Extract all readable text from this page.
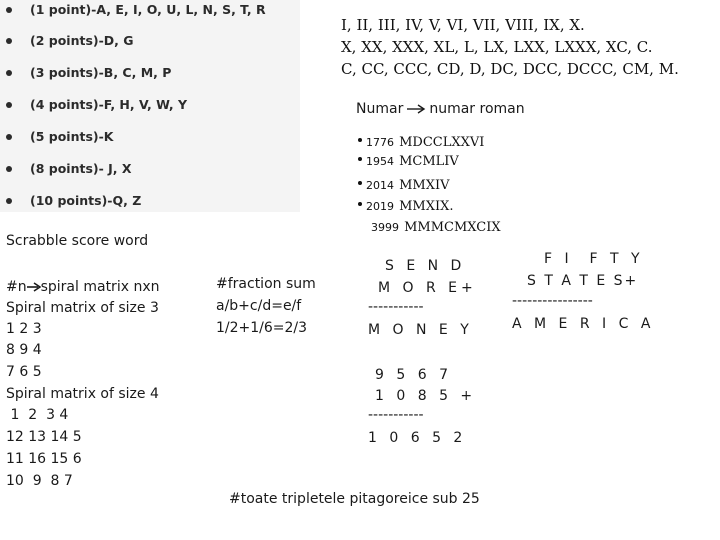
(1 point)-A, E, I, O, U, L, N, S, T, R
(2 points)-D, G
(3 points)-B, C, M, P
(4 points)-F, H, V, W, Y
(5 points)-K
(8 points)- J, X
(10 points)-Q, Z
I, II, III, IV, V, VI, VII, VIII, IX, X.
X, XX, XXX, XL, L, LX, LXX, LXXX, XC, C.
C, CC, CCC, CD, D, DC, DCC, DCCC, CM, M.
Numar numar roman
1776 MDCCLXXVI
1954 MCMLIV
2014 MMXIV
2019 MMXIX.
3999 MMMCMXCIX
Scrabble score word
#n spiral matrix nxn
Spiral matrix of size 3
1 2 3
8 9 4
7 6 5
Spiral matrix of size 4
1  2  3 4
12 13 14 5
11 16 15 6
10  9  8 7
#fraction sum
a/b+c/d=e/f
1/2+1/6=2/3
S E N D
M O R E+
-----------
M O N E Y
9 5 6 7
1 0 8 5 +
-----------
1 0 6 5 2
F I  F T Y
S T A T E S+
----------------
A M E R I C A
#toate tripletele pitagoreice sub 25
